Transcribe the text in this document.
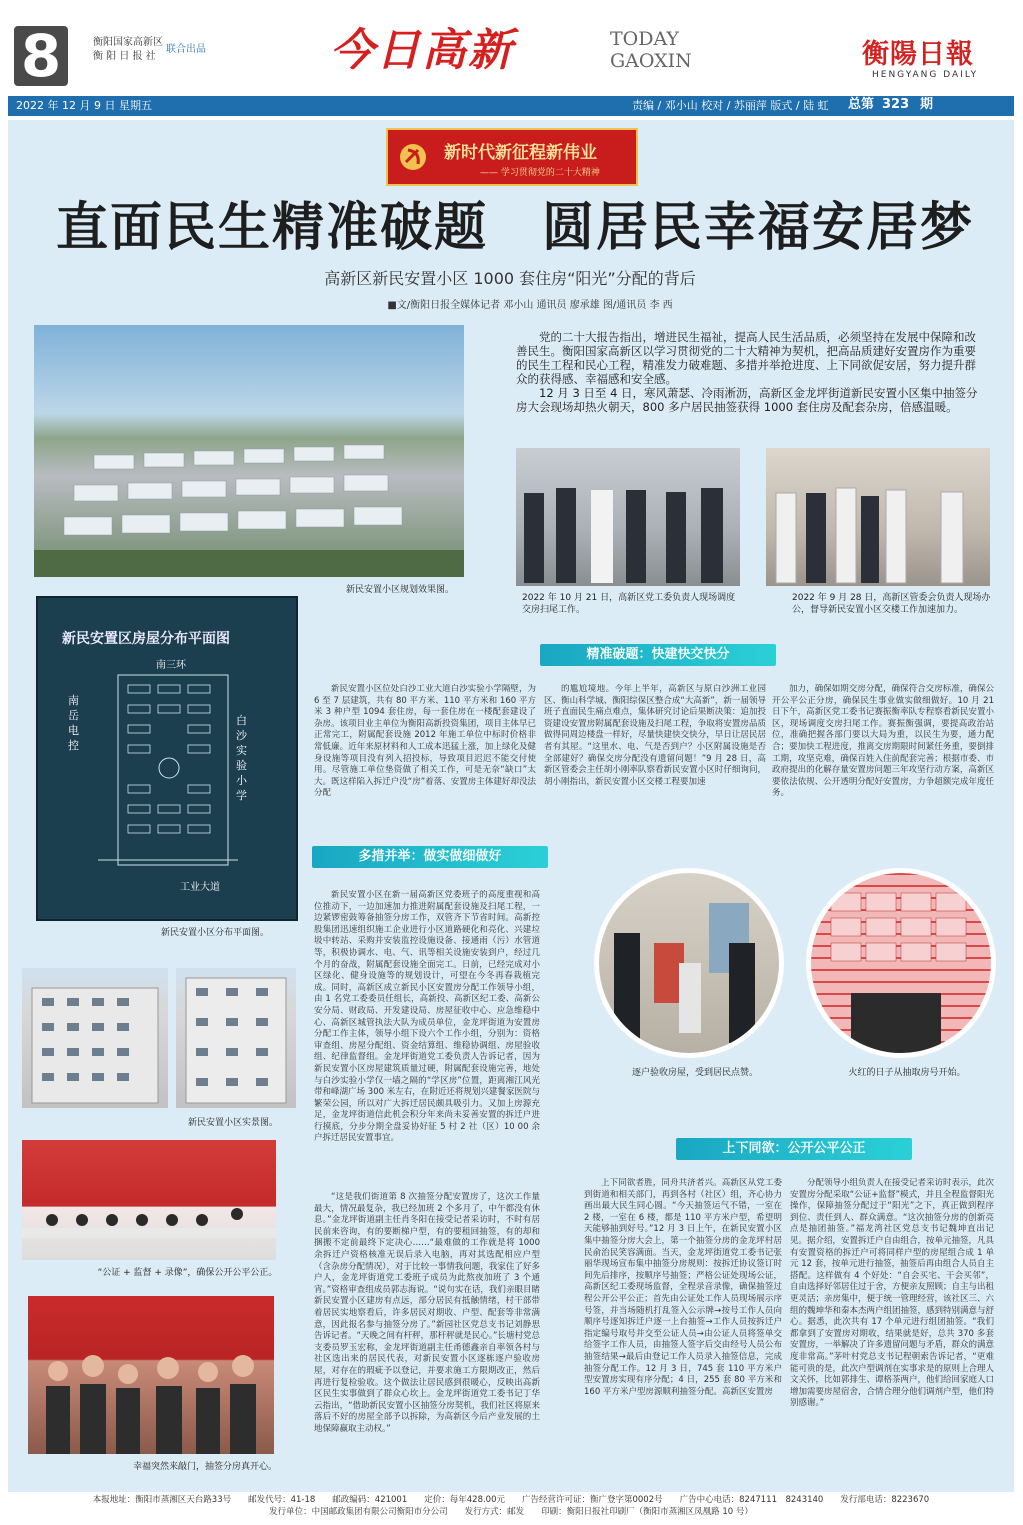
8	衡阳国家高新区
衡 阳 日 报 社
联合出品	今日高新	TODAY
GAOXIN	衡陽日報
HENGYANG DAILY
2022 年 12 月 9 日 星期五	责编 / 邓小山 校对 / 苏丽萍 版式 / 陆 虹 总第 323 期
新时代新征程新伟业
—— 学习贯彻党的二十大精神
直面民生精准破题　圆居民幸福安居梦
高新区新民安置小区 1000 套住房“阳光”分配的背后
■文/衡阳日报全媒体记者 邓小山 通讯员 廖承雄 图/通讯员 李 西
新民安置小区规划效果图。

党的二十大报告指出，增进民生福祉，提高人民生活品质，必须坚持在发展中保障和改善民生。衡阳国家高新区以学习贯彻党的二十大精神为契机，把高品质建好安置房作为重要的民生工程和民心工程，精准发力破难题、多措并举抢进度、上下同欲促安居，努力提升群众的获得感、幸福感和安全感。

12 月 3 日至 4 日，寒风萧瑟、冷雨淅沥，高新区金龙坪街道新民安置小区集中抽签分房大会现场却热火朝天，800 多户居民抽签获得 1000 套住房及配套杂房，倍感温暖。

2022 年 10 月 21 日，高新区党工委负责人现场调度交房扫尾工作。
2022 年 9 月 28 日，高新区管委会负责人现场办公，督导新民安置小区交楼工作加速加力。
新民安置区房屋分布平面图
南三环
南岳电控
白沙实验小学
工业大道
新民安置小区分布平面图。
新民安置小区实景图。
“公证 + 监督 + 录像”，确保公开公平公正。
幸福突然来敲门，抽签分房真开心。
精准破题：快建快交快分

新民安置小区位处白沙工业大道白沙实验小学隔壁，为 6 至 7 层建筑，共有 80 平方米、110 平方米和 160 平方米 3 种户型 1094 套住房，每一套住房在一楼配套建设了杂房。该项目业主单位为衡阳高新投资集团，项目主体早已正常完工，附属配套设施 2012 年施工单位中标时价格非常低廉。近年来原材料和人工成本迅猛上涨，加上绿化及健身设施等项目没有列入招投标，导致项目迟迟不能交付使用。尽管施工单位垫资做了相关工作，可是无奈“缺口”太大。既这样陷入拆迁户没“房”着落、安置房主体建好却没法分配

的尴尬境地。今年上半年，高新区与原白沙洲工业园区、衡山科学城、衡阳综保区整合成“大高新”，新一届领导班子直面民生痛点难点，集体研究讨论后果断决策：追加投资建设安置房附属配套设施及扫尾工程，争取将安置房品质做得同周边楼盘一样好，尽量快建快交快分，早日让居民居者有其屋。“这里水、电、气是否到户？小区附属设施是否全部建好？确保交房分配没有遗留问题！”9 月 28 日，高新区管委会主任胡小刚率队察看新民安置小区时仔细询问，胡小刚指出，新民安置小区交楼工程要加速

加力，确保如期交房分配，确保符合交房标准，确保公开公平公正分房，确保民生事业做实做细做好。10 月 21 日下午，高新区党工委书记赛振衡率队专程察看新民安置小区，现场调度交房扫尾工作。赛振衡强调，要提高政治站位，准确把握各部门要以大局为重，以民生为要，通力配合；要加快工程进度，推离交房期限时间紧任务重，要倒排工期，攻坚克难，确保百姓入住前配套完善；根据市委、市政府提出的化解存量安置房问题三年攻坚行动方案，高新区要依法依规、公开透明分配好安置房，力争超额完成年度任务。

多措并举：做实做细做好

新民安置小区在新一届高新区党委班子的高度重视和高位推动下，一边加速加力推进附属配套设施及扫尾工程，一边紧锣密鼓筹备抽签分房工作，双管齐下节省时间。高新控股集团迅速组织施工企业进行小区道路硬化和亮化、兴建垃圾中转站、采购并安装监控设施设备、接通雨（污）水管道等，积极协调水、电、气、讯等相关设施安装到户，经过几个月的奋战，附属配套设施全面完工。日前，已经完成对小区绿化、健身设施等的规划设计，可望在今冬再春栽植完成。同时，高新区成立新民小区安置房分配工作领导小组，由 1 名党工委委员任组长，高新投、高新区纪工委、高新公安分局、财政局、开发建设局、房屋征收中心、应急维稳中心、高新区城管执法大队为成员单位，金龙坪街道为安置房分配工作主体，领导小组下设六个工作小组，分别为：资格审查组、房屋分配组、资金结算组、维稳协调组、房屋验收组、纪律监督组。金龙坪街道党工委负责人告诉记者，因为新民安置小区房屋建筑质量过硬，附属配套设施完善，地处与白沙实验小学仅一墙之隔的“学区房”位置，距离湘江风光带和峰湖广场 300 米左右，在附近还将规划兴建餐家医院与繁荣公园，所以对广大拆迁居民颇具吸引力。又加上房源充足，金龙坪街道信此机会积分年来尚未妥善安置的拆迁户进行摸底，分步分期全盘妥协好征 5 村 2 社（区）10 00 余户拆迁居民安置事宜。

“这是我们街道第 8 次抽签分配安置房了，这次工作量最大，情况最复杂，我已经加班 2 个多月了，中午都没有休息。”金龙坪街道副主任肖冬阳在接受记者采访时，不时有居民前来咨询，有的要断梯户型，有的要租回抽签，有的却和捆搬不定前最终下定决心……“最难做的工作就是将 1000 余拆迁户资格核准无误后录入电脑，再对其选配相应户型（含杂房分配情况），对于比较一事情我问题，我家住了好多户人，金龙坪街道党工委班子成员为此熬夜加班了 3 个通宵。”资格审查组成员郭志海说。“说句实在话，我们亲眼目睹新民安置小区建房有点远，部分居民有抵触情绪，村干部带着居民实地察看后，许多居民对期收、户型、配套等非常满意，因此报名参与抽签分房了。”新园社区党总支书记刘静思告诉记者。“天晚之间有杆秤，那杆秤就是民心。”长塘村党总支委员罗玉宏称，金龙坪街道副主任甬德鑫亲自率领各村与社区选出来的居民代表，对新民安置小区逐栋逐户验收房屋，对存在的瑕疵予以登记，并要求施工方限期改正，然后再进行复检验收。这个做法让居民感到很暖心，反映出高新区民生实事做到了群众心坎上。金龙坪街道党工委书记丁华云指出，“借助新民安置小区抽签分房契机，我们社区将原来落后不好的房屋全部予以拆除，为高新区今后产业发展的土地保障赢取主动权。”

逐户验收房屋，受到居民点赞。	火红的日子从抽取房号开始。
上下同欲：公开公平公正

上下同欲者胜，同舟共济者兴。高新区从党工委到街道和相关部门，再到各村（社区）组，齐心协力画出最大民生同心圆。“今天抽签运气不错，一室在 2 楼，一室在 6 楼，都是 110 平方米户型，希望明天能够抽到好号。”12 月 3 日上午，在新民安置小区集中抽签分房大会上，第一个抽签分房的金龙坪村居民俞治民笑容满面。当天，金龙坪街道党工委书记张丽华现场宣布集中抽签分房规则：按拆迁协议签订时间先后排序，按顺序号抽签；严格公证处现场公证，高新区纪工委现场监督，全程录音录像，确保抽签过程公开公平公正；首先由公证处工作人员现场展示序号签，并当场随机打乱签入公示牌→按号工作人员向顺序号逐知拆迁户逐一上台抽签→工作人员按拆迁户指定编号取号并交至公证人员→由公证人员将签单交给签字工作人员，由抽签人签字后交由经号人员公布抽签结果→最后由登记工作人员录入抽签信息，完成抽签分配工作。12 月 3 日，745 套 110 平方米户型安置房实现有序分配；4 日，255 套 80 平方米和 160 平方米户型房源顺利抽签分配。高新区安置房

分配领导小组负责人在接受记者采访时表示，此次安置房分配采取“公证+监督”模式，并且全程监督阳光操作，保障抽签分配过于“阳光”之下，真正做到程序到位、责任到人、群众满意。“这次抽签分房的创新亮点是抽团抽签。”福龙湾社区党总支书记魏坤直出记见。据介绍，安置拆迁户自由组合，按单元抽签，凡具有安置资格的拆迁户可将同样户型的房屋组合成 1 单元 12 套，按单元进行抽签，抽签后再由组合人员自主搭配。这样做有 4 个好处：“自会买宅、干会买邻”，自由选择好邻居住过于舍，方便亲友照顾；自主与出租更灵活；亲房集中，便于统一管理经营，该社区三、六组的魏坤华和秦本杰两户组团抽签，感到特别满意与舒心。据悉，此次共有 17 个单元进行组团抽签。“我们都拿到了安置房对期收，结果就是好，总共 370 多套安置房，一举解决了许多遗留问题与矛盾，群众的满意度非常高。”茅叶村党总支书记程朝索告诉记者，“更难能可贵的是，此次户型调剂在实事求是的原则上合理人文关怀，比如郭排生、谭格茶两户，他们给回家庭人口增加需要房屋宿舍，合情合理分他们调剂户型，他们特别感谢。”

本报地址：衡阳市蒸湘区天台路33号　　邮发代号：41-18　　邮政编码：421001　　定价：每年428.00元　　广告经营许可证：衡广登字第0002号　　广告中心电话：8247111　8243140　　发行部电话：8223670
发行单位：中国邮政集团有限公司衡阳市分公司　　发行方式：邮发　　印刷：衡阳日报社印刷厂（衡阳市蒸湘区凤凰路 10 号）
